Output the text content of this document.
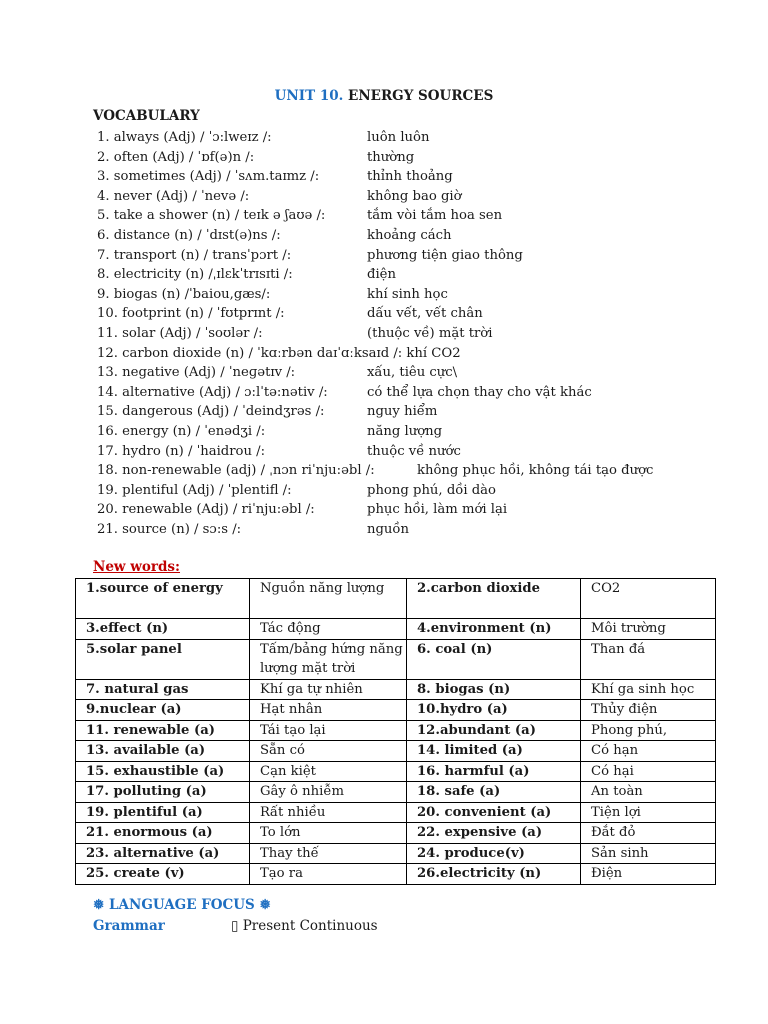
UNIT 10. ENERGY SOURCES
VOCABULARY
1. always (Adj) / ˈɔ:lweɪz /:	luôn luôn
2. often (Adj) / ˈɒf(ə)n /:	thường
3. sometimes (Adj) / ˈsʌm.taɪmz /:	thỉnh thoảng
4. never (Adj) / ˈnevə /:	không bao giờ
5. take a shower (n) / teɪk ə ʃaʊə /:	tắm vòi tắm hoa sen
6. distance (n) / ˈdɪst(ə)ns /:	khoảng cách
7. transport (n) / transˈpɔrt /:	phương tiện giao thông
8. electricity (n) /ˌɪlɛkˈtrɪsɪti /:	điện
9. biogas (n) /ˈbaiou,gæs/:	khí sinh học
10. footprint (n) / ˈfʊtprɪnt /:	dấu vết, vết chân
11. solar (Adj) / ˈsoʊlər /:	(thuộc về) mặt trời
12. carbon dioxide (n) / ˈkɑːrbən daɪˈɑːksaɪd /: khí CO2
13. negative (Adj) / ˈneɡətɪv /:	xấu, tiêu cực\
14. alternative (Adj) / ɔ:lˈtə:nətiv /:	có thể lựa chọn thay cho vật khác
15. dangerous (Adj) / ˈdeindʒrəs /:	nguy hiểm
16. energy (n) / ˈenədʒi /:	năng lượng
17. hydro (n) / ˈhaidrou /:	thuộc về nước
18. non-renewable (adj) / ˌnɔn riˈnju:əbl /:	không phục hồi, không tái tạo được
19. plentiful (Adj) / ˈplentifl /:	phong phú, dồi dào
20. renewable (Adj) / riˈnju:əbl /:	phục hồi, làm mới lại
21. source (n) / sɔ:s /:	nguồn
New words:
1.source of energy	Nguồn năng lượng	2.carbon dioxide	CO2
3.effect (n)	Tác động	4.environment (n)	Môi trường
5.solar panel	Tấm/bảng hứng năng lượng mặt trời	6. coal (n)	Than đá
7. natural gas	Khí ga tự nhiên	8. biogas (n)	Khí ga sinh học
9.nuclear (a)	Hạt nhân	10.hydro (a)	Thủy điện
11. renewable (a)	Tái tạo lại	12.abundant (a)	Phong phú,
13. available (a)	Sẵn có	14. limited (a)	Có hạn
15. exhaustible (a)	Cạn kiệt	16. harmful (a)	Có hại
17. polluting (a)	Gây ô nhiễm	18. safe (a)	An toàn
19. plentiful (a)	Rất nhiều	20. convenient (a)	Tiện lợi
21. enormous (a)	To lớn	22. expensive (a)	Đắt đỏ
23. alternative (a)	Thay thế	24. produce(v)	Sản sinh
25. create (v)	Tạo ra	26.electricity (n)	Điện
❅ LANGUAGE FOCUS ❅
Grammar	▯ Present Continuous
